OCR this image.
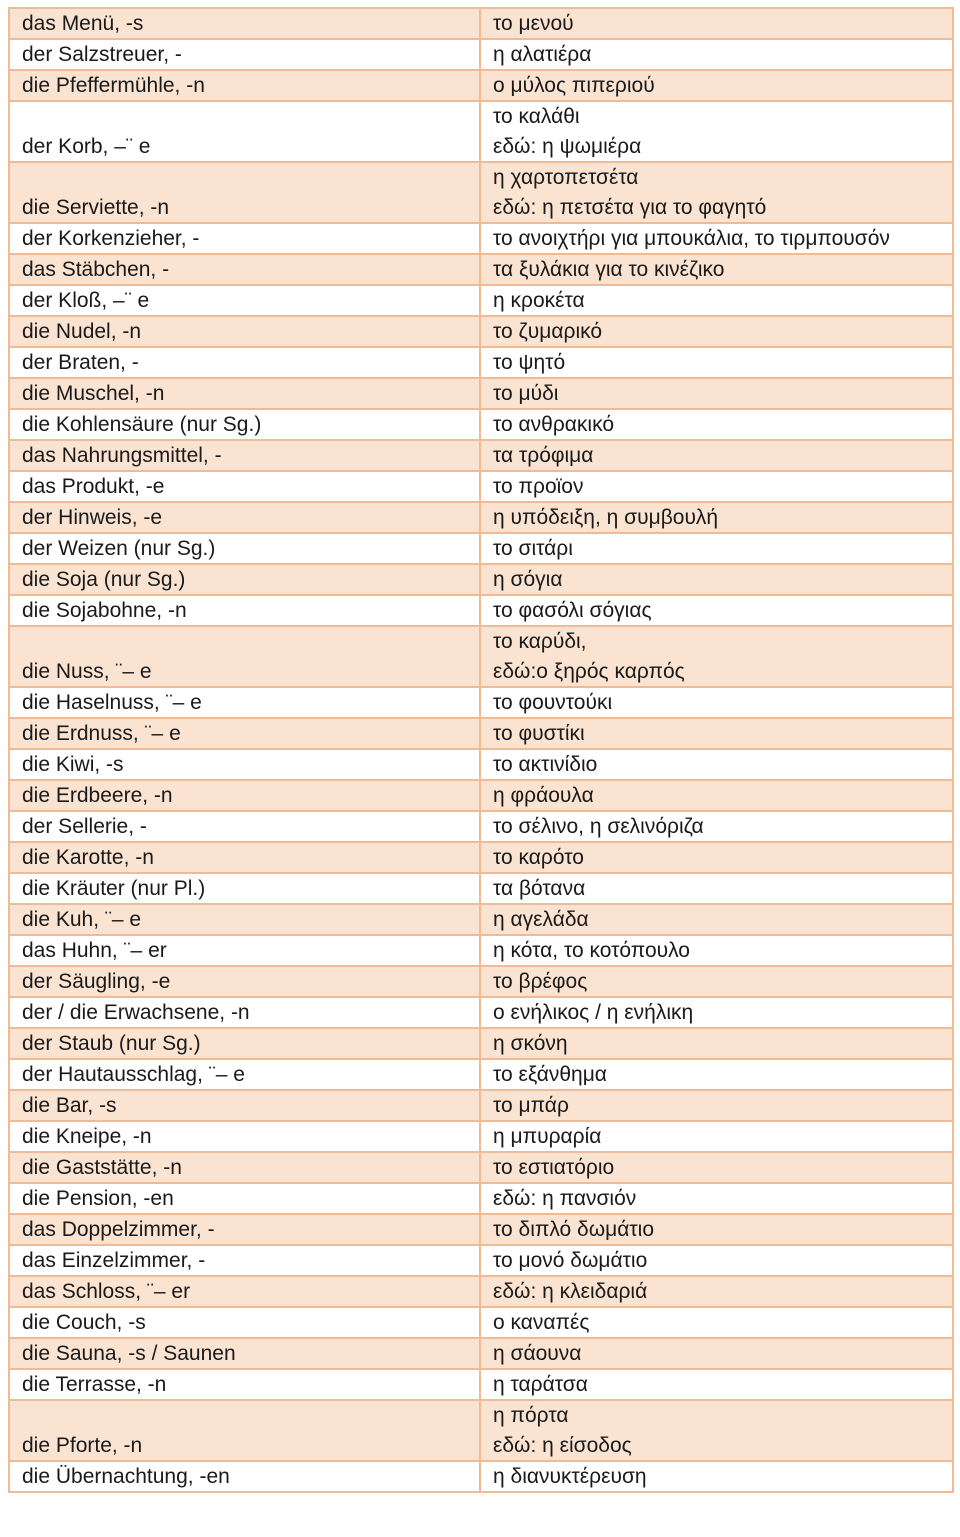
das Menü, -s	το μενού

der Salzstreuer, -	η αλατιέρα

die Pfeffermühle, -n	ο μύλος πιπεριού

der Korb, –¨ e	το καλάθι
εδώ: η ψωμιέρα

die Serviette, -n	η χαρτοπετσέτα
εδώ: η πετσέτα για το φαγητό

der Korkenzieher, -	το ανοιχτήρι για μπουκάλια, το τιρμπουσόν

das Stäbchen, -	τα ξυλάκια για το κινέζικο

der Kloß, –¨ e	η κροκέτα

die Nudel, -n	το ζυμαρικό

der Braten, -	το ψητό

die Muschel, -n	το μύδι

die Kohlensäure (nur Sg.)	το ανθρακικό

das Nahrungsmittel, -	τα τρόφιμα

das Produkt, -e	το προϊον

der Hinweis, -e	η υπόδειξη, η συμβουλή

der Weizen (nur Sg.)	το σιτάρι

die Soja (nur Sg.)	η σόγια

die Sojabohne, -n	το φασόλι σόγιας

die Nuss, ¨– e	το καρύδι,
εδώ:ο ξηρός καρπός

die Haselnuss, ¨– e	το φουντούκι

die Erdnuss, ¨– e	το φυστίκι

die Kiwi, -s	το ακτινίδιο

die Erdbeere, -n	η φράουλα

der Sellerie, -	το σέλινο, η σελινόριζα

die Karotte, -n	το καρότο

die Kräuter (nur Pl.)	τα βότανα

die Kuh, ¨– e	η αγελάδα

das Huhn, ¨– er	η κότα, το κοτόπουλο

der Säugling, -e	το βρέφος

der / die Erwachsene, -n	ο ενήλικος / η ενήλικη

der Staub (nur Sg.)	η σκόνη

der Hautausschlag, ¨– e	το εξάνθημα

die Bar, -s	το μπάρ

die Kneipe, -n	η μπυραρία

die Gaststätte, -n	το εστιατόριο

die Pension, -en	εδώ: η πανσιόν

das Doppelzimmer, -	το διπλό δωμάτιο

das Einzelzimmer, -	το μονό δωμάτιο

das Schloss, ¨– er	εδώ: η κλειδαριά

die Couch, -s	ο καναπές

die Sauna, -s / Saunen	η σάουνα

die Terrasse, -n	η ταράτσα

die Pforte, -n	η πόρτα
εδώ: η είσοδος

die Übernachtung, -en	η διανυκτέρευση
